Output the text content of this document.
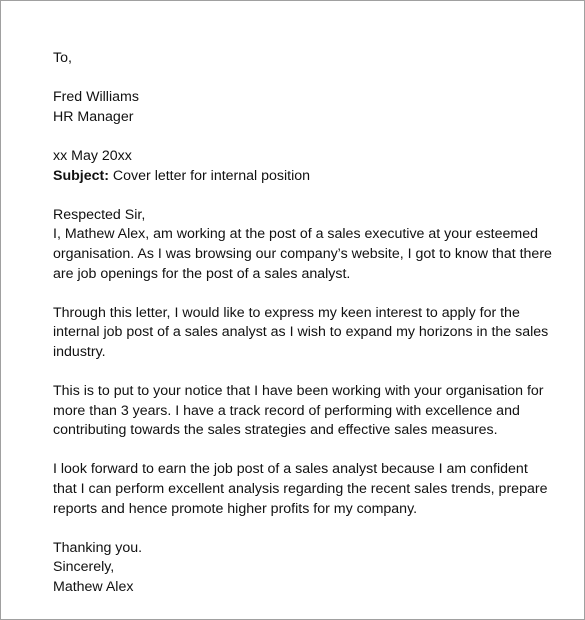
To,
Fred Williams
HR Manager
xx May 20xx
Subject: Cover letter for internal position
Respected Sir,
I, Mathew Alex, am working at the post of a sales executive at your esteemed
organisation. As I was browsing our company’s website, I got to know that there
are job openings for the post of a sales analyst.
Through this letter, I would like to express my keen interest to apply for the
internal job post of a sales analyst as I wish to expand my horizons in the sales
industry.
This is to put to your notice that I have been working with your organisation for
more than 3 years. I have a track record of performing with excellence and
contributing towards the sales strategies and effective sales measures.
I look forward to earn the job post of a sales analyst because I am confident
that I can perform excellent analysis regarding the recent sales trends, prepare
reports and hence promote higher profits for my company.
Thanking you.
Sincerely,
Mathew Alex
